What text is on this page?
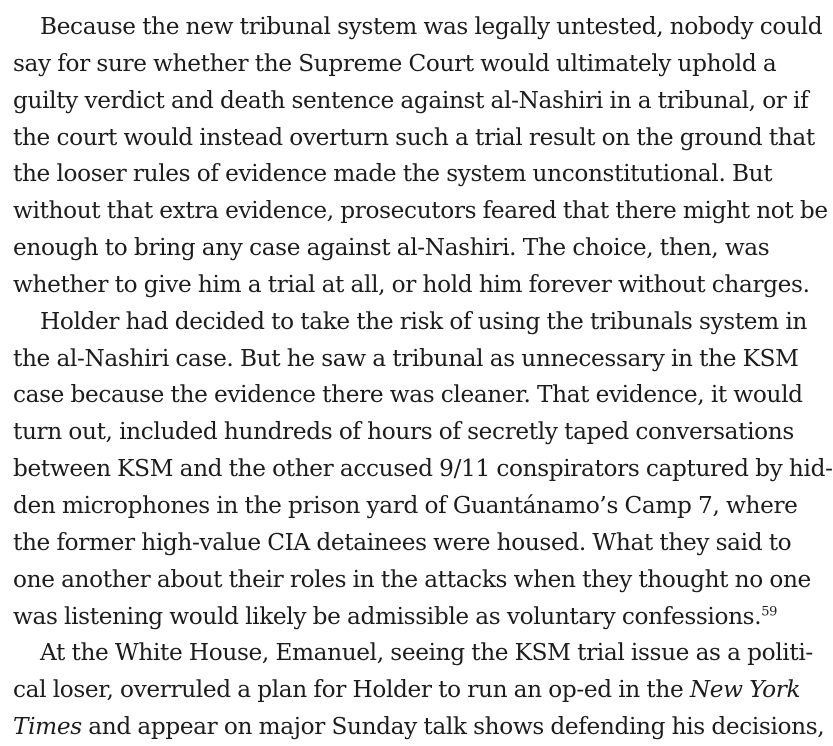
Because the new tribunal system was legally untested, nobody could
say for sure whether the Supreme Court would ultimately uphold a
guilty verdict and death sentence against al-Nashiri in a tribunal, or if
the court would instead overturn such a trial result on the ground that
the looser rules of evidence made the system unconstitutional. But
without that extra evidence, prosecutors feared that there might not be
enough to bring any case against al-Nashiri. The choice, then, was
whether to give him a trial at all, or hold him forever without charges.
Holder had decided to take the risk of using the tribunals system in
the al-Nashiri case. But he saw a tribunal as unnecessary in the KSM
case because the evidence there was cleaner. That evidence, it would
turn out, included hundreds of hours of secretly taped conversations
between KSM and the other accused 9/11 conspirators captured by hid-
den microphones in the prison yard of Guantánamo’s Camp 7, where
the former high-value CIA detainees were housed. What they said to
one another about their roles in the attacks when they thought no one
was listening would likely be admissible as voluntary confessions.$^{59}$
At the White House, Emanuel, seeing the KSM trial issue as a politi-
cal loser, overruled a plan for Holder to run an op-ed in the New York
Times and appear on major Sunday talk shows defending his decisions,
